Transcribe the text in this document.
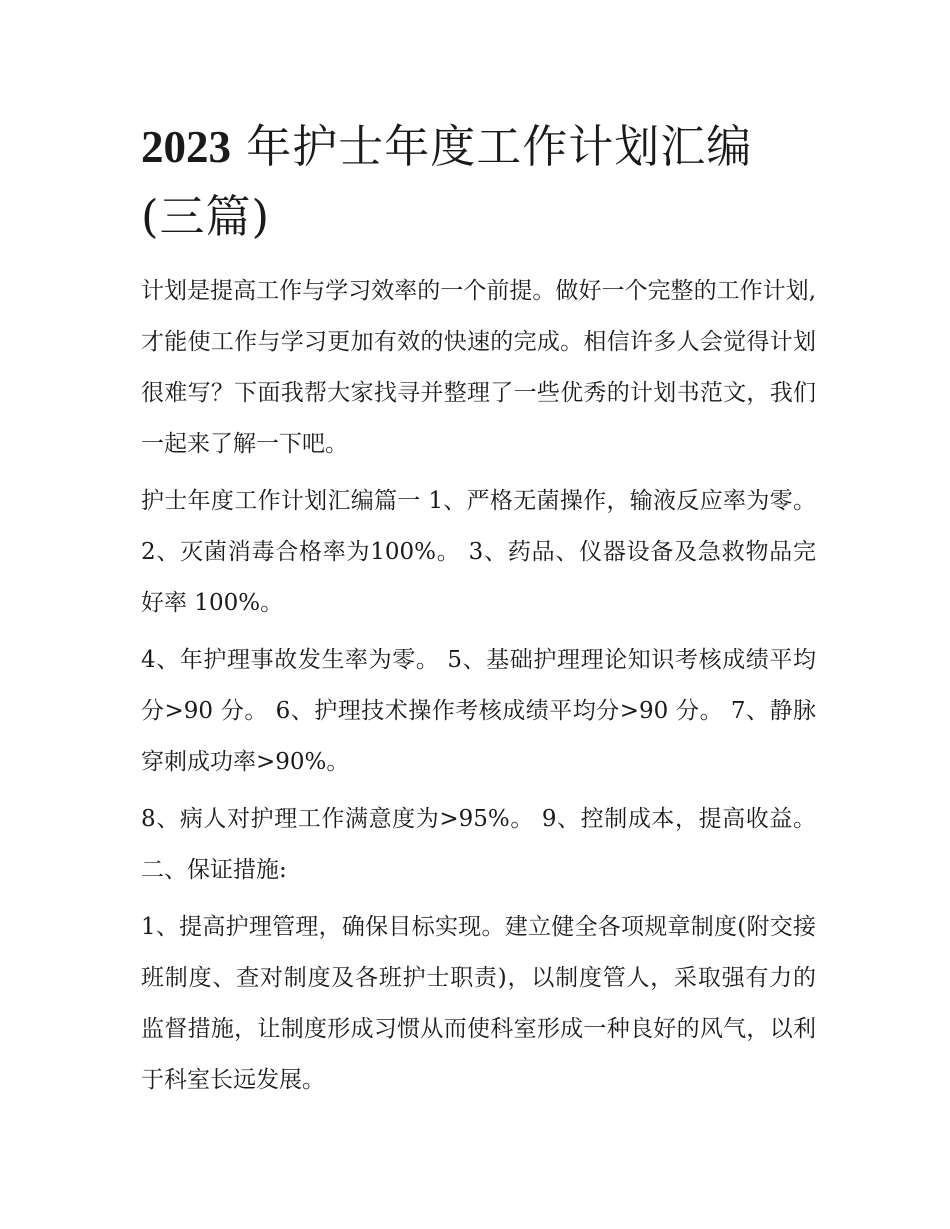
2023 年护士年度工作计划汇编(三篇)

计划是提高工作与学习效率的一个前提。做好一个完整的工作计划,才能使工作与学习更加有效的快速的完成。相信许多人会觉得计划很难写？下面我帮大家找寻并整理了一些优秀的计划书范文，我们一起来了解一下吧。

护士年度工作计划汇编篇一 1、严格无菌操作，输液反应率为零。 2、灭菌消毒合格率为100%。 3、药品、仪器设备及急救物品完好率 100%。

4、年护理事故发生率为零。 5、基础护理理论知识考核成绩平均分>90 分。 6、护理技术操作考核成绩平均分>90 分。 7、静脉穿刺成功率>90%。

8、病人对护理工作满意度为>95%。 9、控制成本，提高收益。 二、保证措施:

1、提高护理管理，确保目标实现。建立健全各项规章制度(附交接班制度、查对制度及各班护士职责)，以制度管人，采取强有力的监督措施，让制度形成习惯从而使科室形成一种良好的风气，以利于科室长远发展。
